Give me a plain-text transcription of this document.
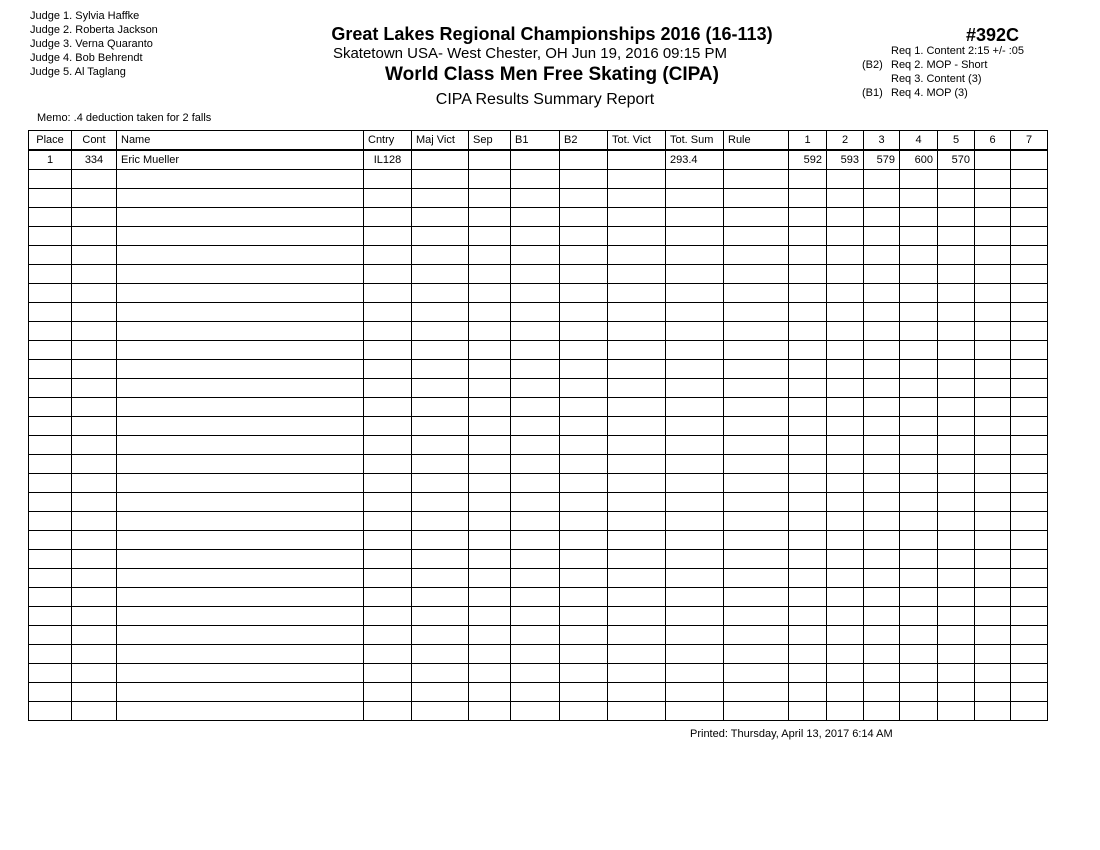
Judge 1. Sylvia Haffke
Judge 2. Roberta Jackson
Judge 3. Verna Quaranto
Judge 4. Bob Behrendt
Judge 5. Al Taglang
Great Lakes Regional Championships 2016 (16-113)
Skatetown USA- West Chester, OH Jun 19, 2016 09:15 PM
World Class Men Free Skating (CIPA)
CIPA Results Summary Report
#392C
Req 1. Content 2:15 +/- :05
(B2) Req 2. MOP - Short
Req 3. Content (3)
(B1) Req 4. MOP (3)
Memo: .4 deduction taken for 2 falls
Place	Cont	Name	Cntry	Maj Vict	Sep	B1	B2	Tot. Vict	Tot. Sum	Rule	1	2	3	4	5	6	7
1	334	Eric Mueller	IL128						293.4		592	593	579	600	570		

Printed: Thursday, April 13, 2017 6:14 AM
